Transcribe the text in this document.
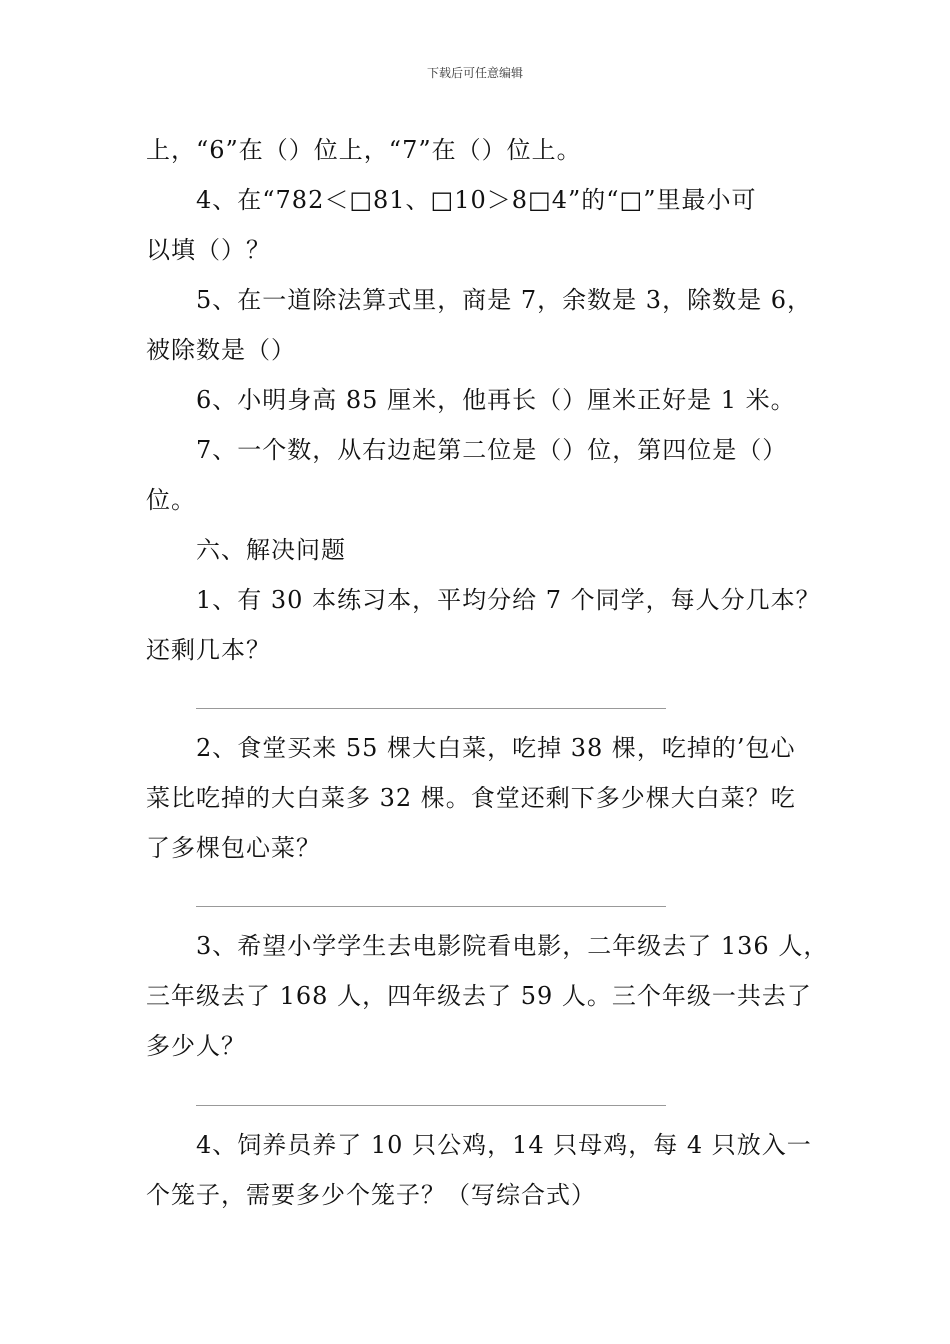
下载后可任意编辑
上，“6”在（）位上，“7”在（）位上。
4、在“782＜□81、□10＞8□4”的“□”里最小可
以填（）？
5、在一道除法算式里，商是 7，余数是 3，除数是 6，
被除数是（）
6、小明身高 85 厘米，他再长（）厘米正好是 1 米。
7、一个数，从右边起第二位是（）位，第四位是（）
位。
六、解决问题
1、有 30 本练习本，平均分给 7 个同学，每人分几本？
还剩几本？
2、食堂买来 55 棵大白菜，吃掉 38 棵，吃掉的’包心
菜比吃掉的大白菜多 32 棵。食堂还剩下多少棵大白菜？吃
了多棵包心菜？
3、希望小学学生去电影院看电影，二年级去了 136 人，
三年级去了 168 人，四年级去了 59 人。三个年级一共去了
多少人？
4、饲养员养了 10 只公鸡，14 只母鸡，每 4 只放入一
个笼子，需要多少个笼子？（写综合式）
